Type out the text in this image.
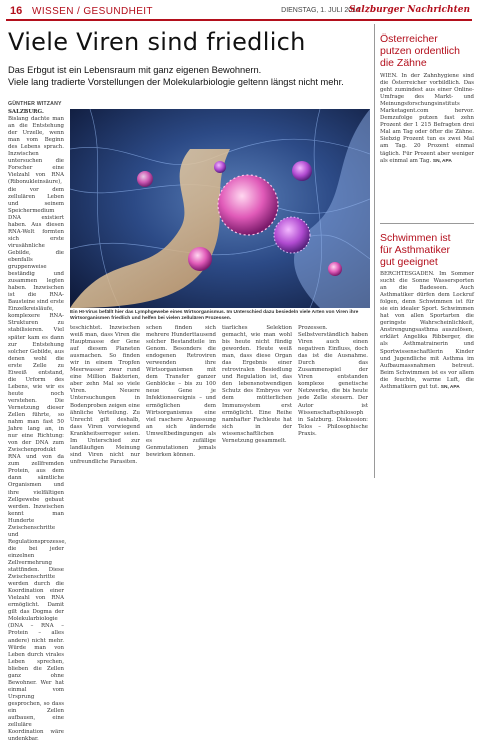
16 WISSEN / GESUNDHEIT	DIENSTAG, 1. JULI 2014
Salzburger Nachrichten
Viele Viren sind friedlich
Das Erbgut ist ein Lebensraum mit ganz eigenen Bewohnern.
Viele lang tradierte Vorstellungen der Molekularbiologie geltenn längst nicht mehr.
GÜNTHER WITZANY

SALZBURG. Bislang dachte man an die Entstehung der Urzelle, wenn man vom Beginn des Lebens sprach. Inzwischen untersuchen die Forscher eine Vielzahl von RNA (Ribonukleinsäure), die vor dem zellulären Leben und seinem Speichermedium DNA existiert haben. Aus diesen RNA-Welt formten sich erste virusähnliche Gebilde, die ebenfalls gruppenweise beständig und zusammen legten haben. Inzwischen ist die RNA-Bausteine sind erste Einzelkreisläufe, komplexere RNA-Strukturen zu stabilisieren. Viel später kam es dann zur Entstehung solcher Gebilde, aus denen wohl die erste Zelle zu Eiweiß entstand, die Urform des Lebens, wie wir es heute noch verstehen. Die Vernetzung dieser Zellen führte, so nahm man fast 50 Jahre lang an, in nur eine Richtung: von der DNA zum Zwischenprodukt RNA und von da zum zellfremden Protein, aus dem dann sämtliche Organismen und ihre vielfältigen Zellgewebe gebaut werden. Inzwischen kennt man Hunderte Zwischenschritte und Regulationsprozesse, die bei jeder einzelnen Zellvermehrung stattfinden. Diese Zwischenschritte werden durch die Koordination einer Vielzahl von RNA ermöglicht. Damit gilt das Dogma der Molekularbiologie (DNA – RNA – Protein – alles andere) nicht mehr. Würde man von Leben durch virales Leben sprechen, blieben die Zellen ganz ohne Bewohner. Wer hat einmal vom Ursprung gesprochen, so dass ein Zellen aufbauen, eine zelluläre Koordination wäre undenkbar.

Ein HI-Virus befällt hier das Lymphgewebe eines Wirtsorganismus. Im Unterschied dazu besiedeln viele Arten von Viren ihre Wirtsorganismen friedlich und helfen bei vielen zellulären Prozessen.

teschichtet. Inzwischen weiß man, dass Viren die Hauptmasse der Gene auf diesem Planeten ausmachen. So finden wir in einem Tropfen Meerwasser zwar rund eine Million Bakterien, aber zehn Mal so viele Viren. Neuere Untersuchungen in Bodenproben zeigen eine ähnliche Verteilung. Zu Unrecht gilt deshalb, dass Viren vorwiegend Krankheitserreger seien. Im Unterschied zur landläufigen Meinung sind Viren nicht nur unfreundliche Parasiten.

schen finden sich mehrere Hunderttausend solcher Bestandteile im Genom. Besonders die endogenen Retroviren verwenden ihre Wirtsorganismen mit dem Transfer ganzer Genblöcke – bis zu 100 neue Gene je Infektionsereignis – und ermöglichen dem Wirtsorganismus eine viel raschere Anpassung an sich ändernde Umweltbedingungen als es zufällige Genmutationen jemals bewirken können.

tiarliches Selektion gemacht, wie man wohl bis heute nicht fündig geworden. Heute weiß man, dass diese Organ das Ergebnis einer retroviralen Besiedlung und Regulation ist, das den lebensnotwendigen Schutz des Embryos vor dem mütterlichen Immunsystem erst ermöglicht. Eine Reihe namhafter Fachleute hat sich in der wissenschaftlichen Vernetzung gesammelt.

Prozessen. Selbstverständlich haben Viren auch einen negativen Einfluss, doch das ist die Ausnahme. Durch das Zusammenspiel der Viren entstanden komplexe genetische Netzwerke, die bis heute jede Zelle steuern. Der Autor ist Wissenschaftsphilosoph in Salzburg. Diskussion: Telos – Philosophische Praxis.

Österreicher
putzen ordentlich
die Zähne
WIEN. In der Zahnhygiene sind die Österreicher vorbildlich. Das geht zumindest aus einer Online-Umfrage des Markt- und Meinungsforschungsinstituts Marketagent.com hervor. Demzufolge putzen fast zehn Prozent der 1 215 Befragten drei Mal am Tag oder öfter die Zähne. Siebzig Prozent tun es zwei Mal am Tag. 20 Prozent einmal täglich. Für Prozent aber weniger als einmal am Tag. SN, APA
Schwimmen ist
für Asthmatiker
gut geeignet
BERCHTESGADEN. Im Sommer sucht die Sonne Wassersporten an die Badeseen. Auch Asthmatiker dürfen dem Lockruf folgen, denn Schwimmen ist für sie ein idealer Sport. Schwimmen hat von allen Sportarten die geringste Wahrscheinlichkeit, Anstrengungsasthma auszulösen, erklärt Angelika Ribberger, die als Asthmatrainerin und Sportwissenschaftlerin Kinder und Jugendliche mit Asthma im Aufbaumassnahmen betreut. Beim Schwimmen ist es vor allem die feuchte, warme Luft, die Asthmatikern gut tut. SN, APA
